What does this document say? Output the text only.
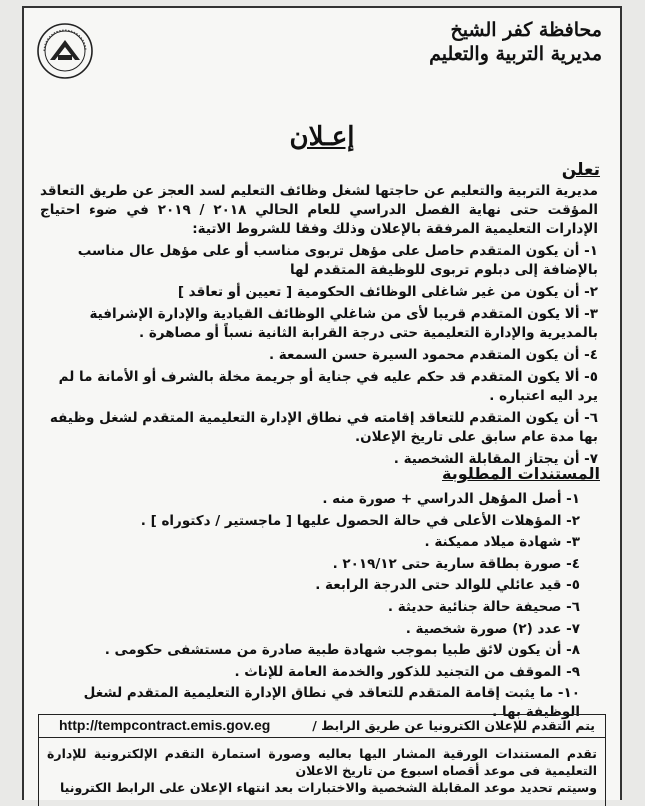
محافظة كفر الشيخ
مديرية التربية والتعليم
إعـلان
تعلن
مديرية التربية والتعليم عن حاجتها لشغل وظائف التعليم لسد العجز عن طريق التعاقد المؤقت حتى نهاية الفصل الدراسي للعام الحالي ٢٠١٨ / ٢٠١٩ في ضوء احتياج الإدارات التعليمية المرفقة بالإعلان وذلك وفقا للشروط الاتية:
١- أن يكون المتقدم حاصل على مؤهل تربوى مناسب أو على مؤهل عال مناسب بالإضافة إلى دبلوم تربوى للوظيفة المتقدم لها
٢- أن يكون من غير شاغلى الوظائف الحكومية [ تعيين أو تعاقد ]
٣- ألا يكون المتقدم قريبا لأى من شاغلي الوظائف القيادية والإدارة الإشرافية بالمديرية والإدارة التعليمية حتى درجة القرابة الثانية نسباً أو مصاهرة .
٤- أن يكون المتقدم محمود السيرة حسن السمعة .
٥- ألا يكون المتقدم قد حكم عليه في جناية أو جريمة مخلة بالشرف أو الأمانة ما لم يرد اليه اعتباره .
٦- أن يكون المتقدم للتعاقد إقامته في نطاق الإدارة التعليمية المتقدم لشغل وظيفه بها مدة عام سابق على تاريخ الإعلان.
٧- أن يجتاز المقابلة الشخصية .
المستندات المطلوبة
١- أصل المؤهل الدراسي + صورة منه .
٢- المؤهلات الأعلى في حالة الحصول عليها [ ماجستير / دكتوراه ] .
٣- شهادة ميلاد مميكنة .
٤- صورة بطاقة سارية حتى ٢٠١٩/١٢ .
٥- قيد عائلي للوالد حتى الدرجة الرابعة .
٦- صحيفة حالة جنائية حديثة .
٧- عدد (٢) صورة شخصية .
٨- أن يكون لائق طبيا بموجب شهادة طبية صادرة من مستشفى حكومى .
٩- الموقف من التجنيد للذكور والخدمة العامة للإناث .
١٠- ما يثبت إقامة المتقدم للتعاقد في نطاق الإدارة التعليمية المتقدم لشغل الوظيفة بها .
http://tempcontract.emis.gov.eg	يتم التقدم للإعلان الكترونيا عن طريق الرابط /

تقدم المستندات الورقية المشار اليها بعاليه وصورة استمارة التقدم الإلكترونية للإدارة التعليمية فى موعد أقصاه اسبوع من تاريخ الاعلان

وسيتم تحديد موعد المقابلة الشخصية والاختبارات بعد انتهاء الإعلان على الرابط الكترونيا
